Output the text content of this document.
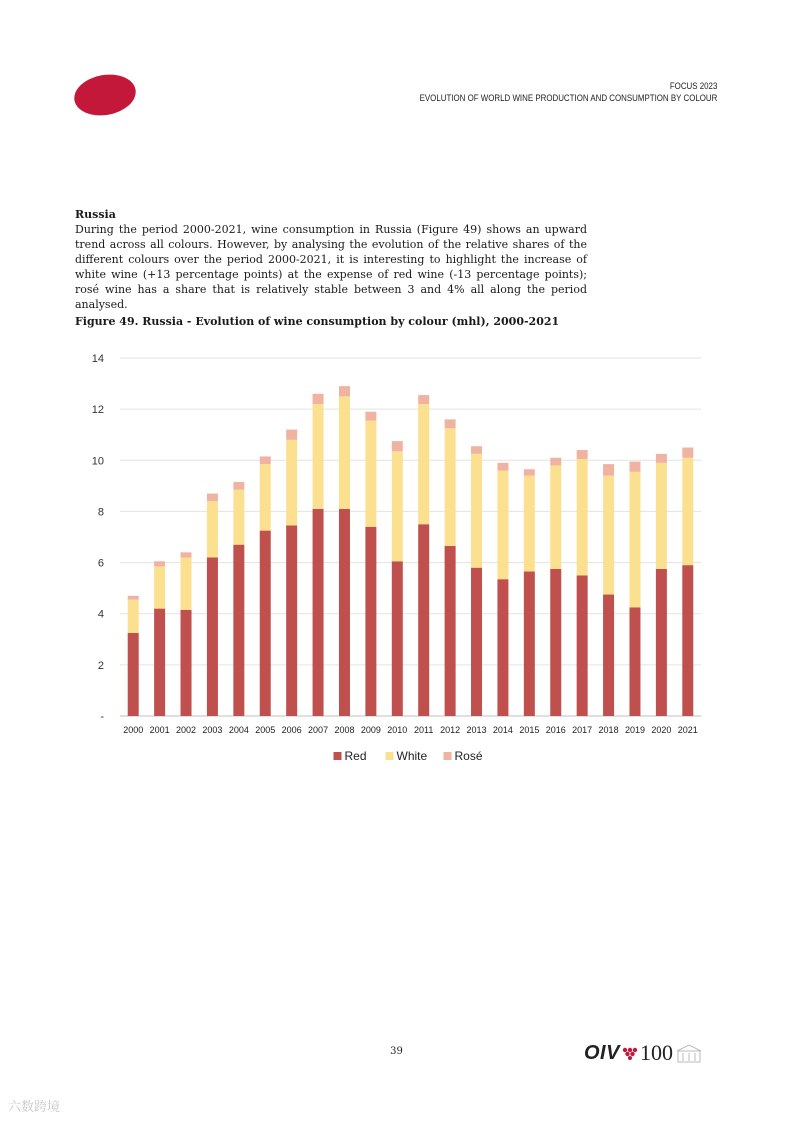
FOCUS 2023
EVOLUTION OF WORLD WINE PRODUCTION AND CONSUMPTION BY COLOUR
Russia

During the period 2000-2021, wine consumption in Russia (Figure 49) shows an upward trend across all colours. However, by analysing the evolution of the relative shares of the different colours over the period 2000-2021, it is interesting to highlight the increase of white wine (+13 percentage points) at the expense of red wine (-13 percentage points); rosé wine has a share that is relatively stable between 3 and 4% all along the period analysed.

Figure 49. Russia - Evolution of wine consumption by colour (mhl), 2000-2021
-
2
4
6
8
10
12
14
2000 2001 2002 2003 2004 2005 2006 2007 2008 2009 2010 2011 2012 2013 2014 2015 2016 2017 2018 2019 2020 2021
Red White Rosé
39	OIV 100
六数跨境
